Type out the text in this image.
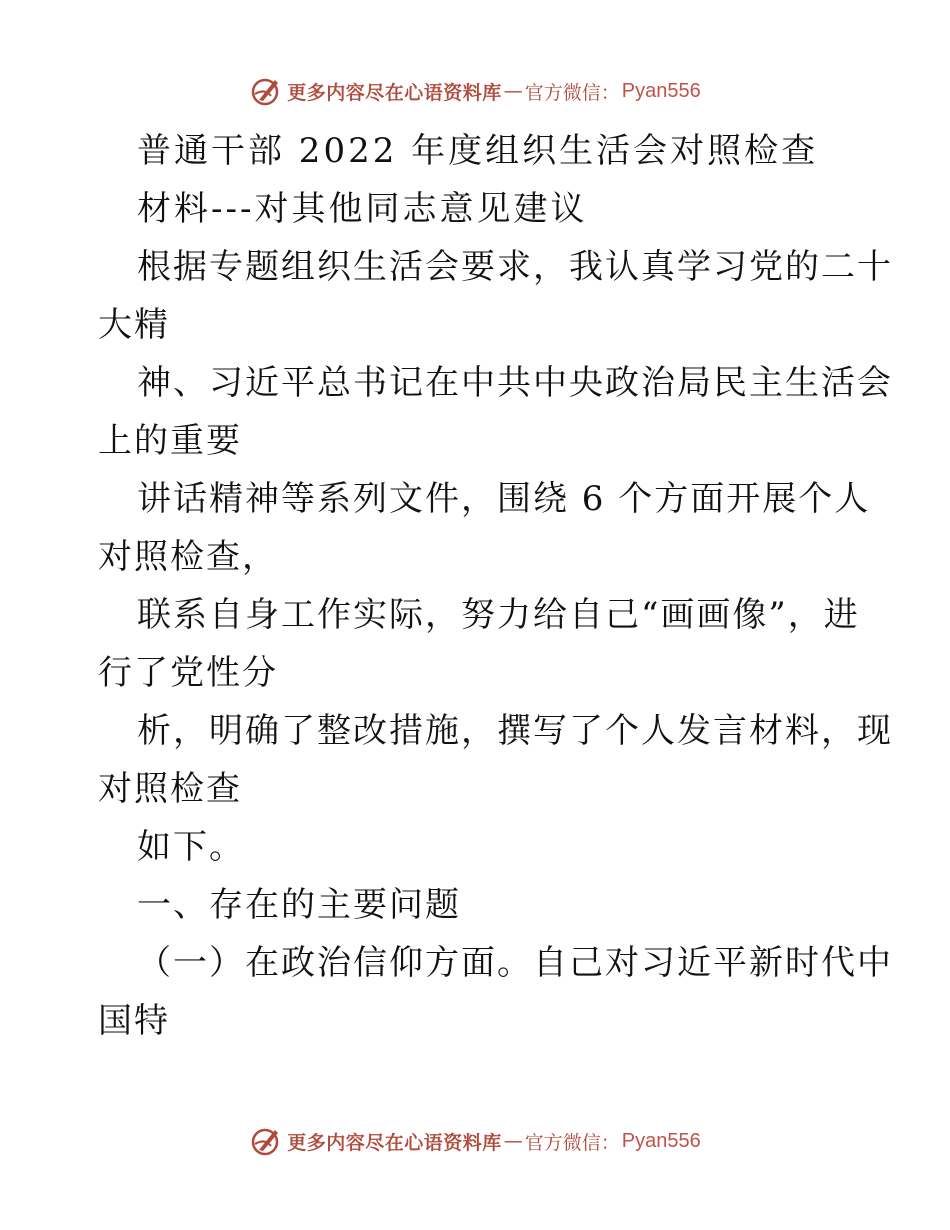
更多内容尽在心语资料库 — 官方微信： Pyan556
普通干部 2022 年度组织生活会对照检查
材料---对其他同志意见建议
根据专题组织生活会要求，我认真学习党的二十
大精
神、习近平总书记在中共中央政治局民主生活会
上的重要
讲话精神等系列文件，围绕 6 个方面开展个人
对照检查，
联系自身工作实际，努力给自己“画画像”，进
行了党性分
析，明确了整改措施，撰写了个人发言材料，现
对照检查
如下。
一、存在的主要问题
（一）在政治信仰方面。自己对习近平新时代中
国特
更多内容尽在心语资料库 — 官方微信： Pyan556
